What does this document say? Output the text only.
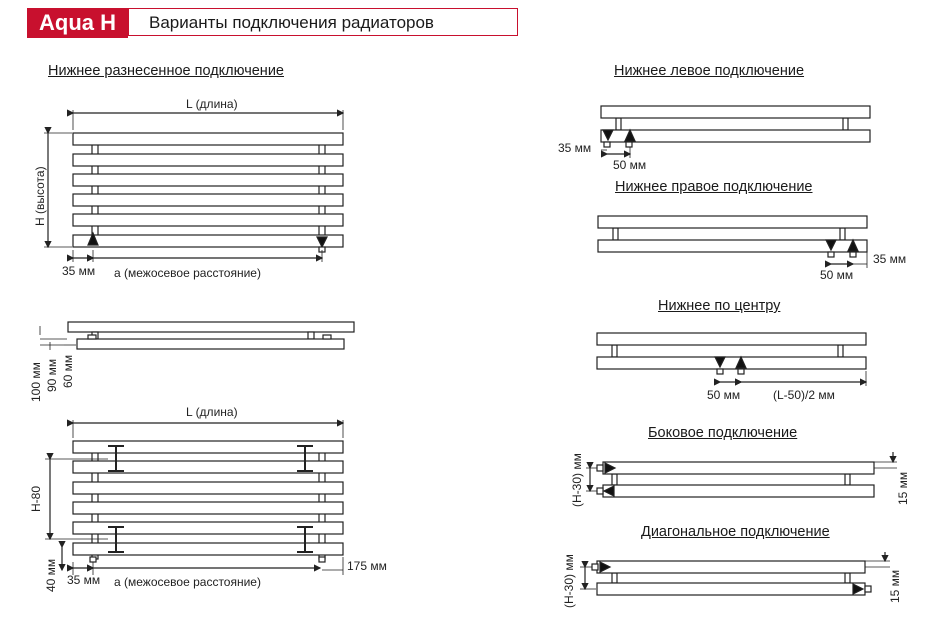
Aqua H	Варианты подключения радиаторов
Нижнее разнесенное подключение	Нижнее левое подключение
Нижнее правое подключение
Нижнее по центру
Боковое подключение
Диагональное подключение
L (длина)
H (высота)
35 мм а (межосевое расстояние)
100 мм 90 мм 60 мм
L (длина)
H-80
40 мм 35 мм а (межосевое расстояние)
175 мм
35 мм
50 мм
35 мм
50 мм
50 мм	(L-50)/2 мм
(H-30) мм	15 мм
(H-30) мм	15 мм
